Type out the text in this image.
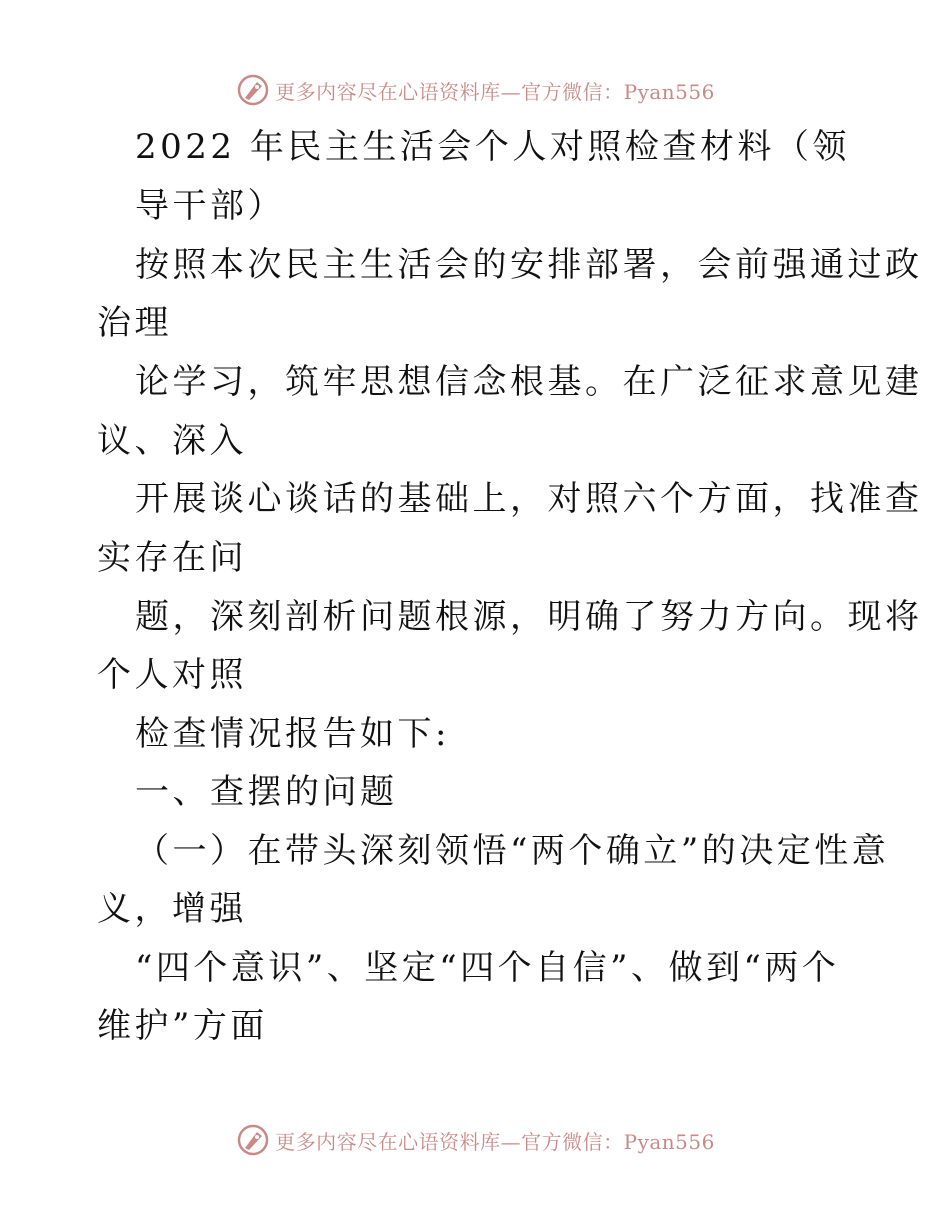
更多内容尽在心语资料库—官方微信：Pyan556
2022 年民主生活会个人对照检查材料（领
导干部）
按照本次民主生活会的安排部署，会前强通过政
治理
论学习，筑牢思想信念根基。在广泛征求意见建
议、深入
开展谈心谈话的基础上，对照六个方面，找准查
实存在问
题，深刻剖析问题根源，明确了努力方向。现将
个人对照
检查情况报告如下:
一、查摆的问题
（一）在带头深刻领悟“两个确立”的决定性意
义，增强
“四个意识”、坚定“四个自信”、做到“两个
维护”方面
更多内容尽在心语资料库—官方微信：Pyan556
